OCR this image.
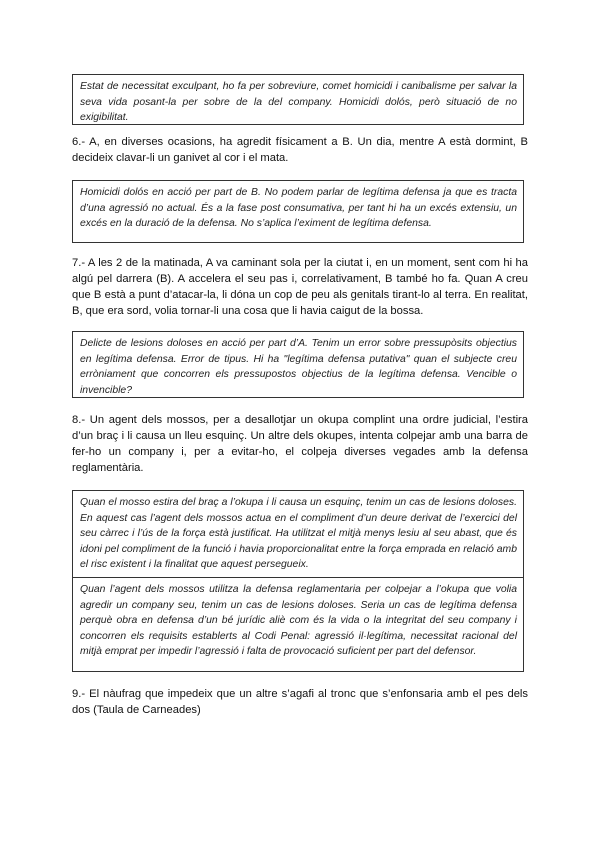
Estat de necessitat exculpant, ho fa per sobreviure, comet homicidi i canibalisme per salvar la seva vida posant-la per sobre de la del company. Homicidi dolós, però situació de no exigibilitat.
6.- A, en diverses ocasions, ha agredit físicament a B. Un dia, mentre A està dormint, B decideix clavar-li un ganivet al cor i el mata.
Homicidi dolós en acció per part de B. No podem parlar de legítima defensa ja que es tracta d’una agressió no actual. És a la fase post consumativa, per tant hi ha un excés extensiu, un excés en la duració de la defensa. No s’aplica l’eximent de legítima defensa.
7.- A les 2 de la matinada, A va caminant sola per la ciutat i, en un moment, sent com hi ha algú pel darrera (B). A accelera el seu pas i, correlativament, B també ho fa. Quan A creu que B està a punt d’atacar-la, li dóna un cop de peu als genitals tirant-lo al terra. En realitat, B, que era sord, volia tornar-li una cosa que li havia caigut de la bossa.
Delicte de lesions doloses en acció per part d’A. Tenim un error sobre pressupòsits objectius en legítima defensa. Error de tipus. Hi ha "legítima defensa putativa" quan el subjecte creu erròniament que concorren els pressupostos objectius de la legítima defensa. Vencible o invencible?
8.- Un agent dels mossos, per a desallotjar un okupa complint una ordre judicial, l’estira d’un braç i li causa un lleu esquinç. Un altre dels okupes, intenta colpejar amb una barra de fer-ho un company i, per a evitar-ho, el colpeja diverses vegades amb la defensa reglamentària.
Quan el mosso estira del braç a l’okupa i li causa un esquinç, tenim un cas de lesions doloses. En aquest cas l’agent dels mossos actua en el compliment d’un deure derivat de l’exercici del seu càrrec i l’ús de la força està justificat. Ha utilitzat el mitjà menys lesiu al seu abast, que és idoni pel compliment de la funció i havia proporcionalitat entre la força emprada en relació amb el risc existent i la finalitat que aquest persegueix.
Quan l’agent dels mossos utilitza la defensa reglamentaria per colpejar a l’okupa que volia agredir un company seu, tenim un cas de lesions doloses. Seria un cas de legítima defensa perquè obra en defensa d’un bé jurídic aliè com és la vida o la integritat del seu company i concorren els requisits establerts al Codi Penal: agressió il·legítima, necessitat racional del mitjà emprat per impedir l’agressió i falta de provocació suficient per part del defensor.
9.- El nàufrag que impedeix que un altre s’agafi al tronc que s’enfonsaria amb el pes dels dos (Taula de Carneades)
